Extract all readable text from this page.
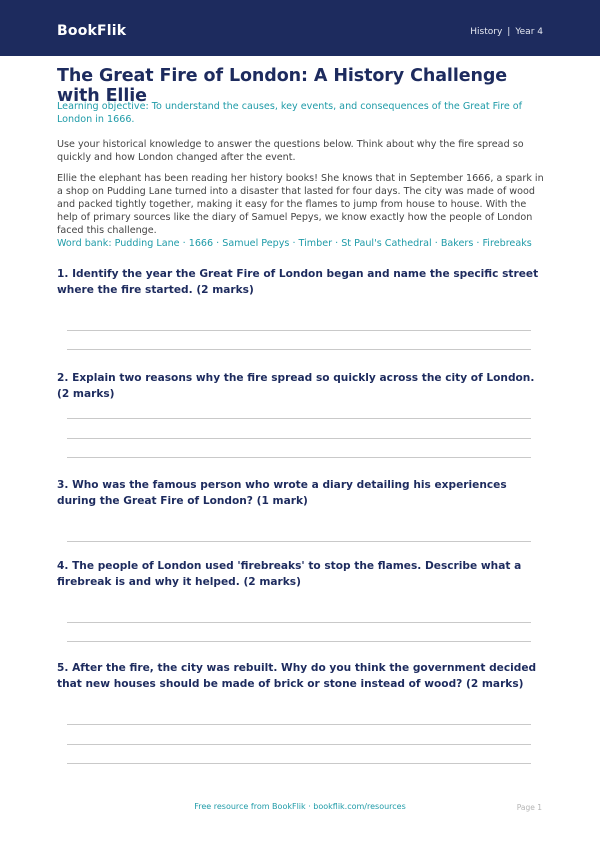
BookFlik	History | Year 4
The Great Fire of London: A History Challenge with Ellie

Learning objective: To understand the causes, key events, and consequences of the Great Fire of London in 1666.

Use your historical knowledge to answer the questions below. Think about why the fire spread so quickly and how London changed after the event.

Ellie the elephant has been reading her history books! She knows that in September 1666, a spark in a shop on Pudding Lane turned into a disaster that lasted for four days. The city was made of wood and packed tightly together, making it easy for the flames to jump from house to house. With the help of primary sources like the diary of Samuel Pepys, we know exactly how the people of London faced this challenge.

Word bank: Pudding Lane · 1666 · Samuel Pepys · Timber · St Paul's Cathedral · Bakers · Firebreaks

1. Identify the year the Great Fire of London began and name the specific street where the fire started. (2 marks)

2. Explain two reasons why the fire spread so quickly across the city of London. (2 marks)

3. Who was the famous person who wrote a diary detailing his experiences during the Great Fire of London? (1 mark)

4. The people of London used 'firebreaks' to stop the flames. Describe what a firebreak is and why it helped. (2 marks)

5. After the fire, the city was rebuilt. Why do you think the government decided that new houses should be made of brick or stone instead of wood? (2 marks)

Free resource from BookFlik · bookflik.com/resources	Page 1
